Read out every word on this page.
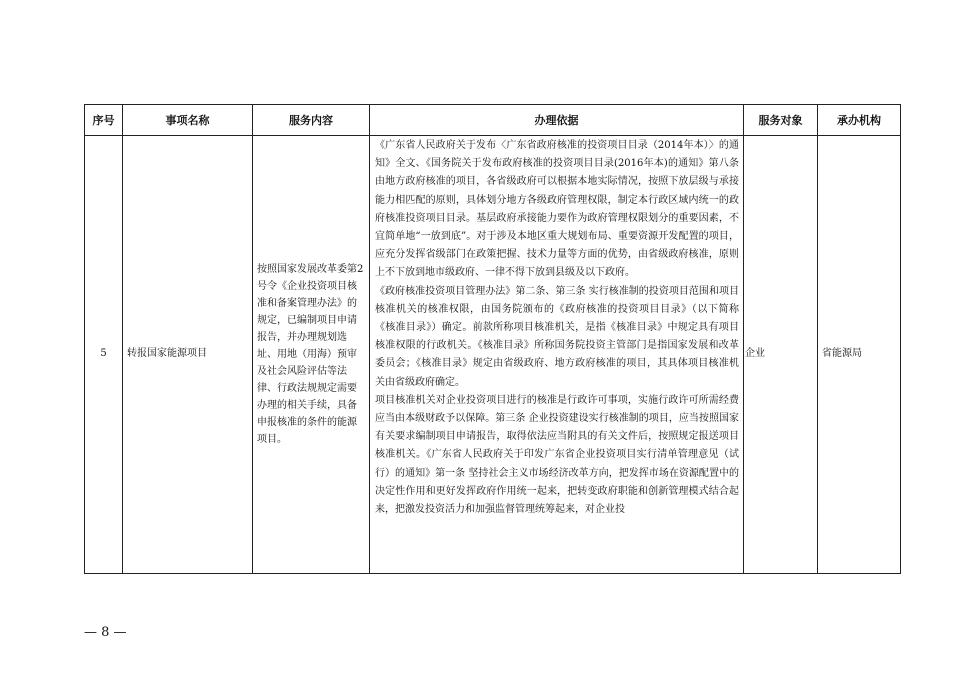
序号	事项名称	服务内容	办理依据	服务对象	承办机构
5	转报国家能源项目	按照国家发展改革委第2号令《企业投资项目核准和备案管理办法》的规定，已编制项目申请报告，并办理规划选址、用地（用海）预审及社会风险评估等法律、行政法规规定需要办理的相关手续，具备申报核准的条件的能源项目。	《广东省人民政府关于发布〈广东省政府核准的投资项目目录（2014年本）〉的通知》全文、《国务院关于发布政府核准的投资项目目录(2016年本)的通知》第八条 由地方政府核准的项目，各省级政府可以根据本地实际情况，按照下放层级与承接能力相匹配的原则，具体划分地方各级政府管理权限，制定本行政区域内统一的政府核准投资项目目录。基层政府承接能力要作为政府管理权限划分的重要因素，不宜简单地“一放到底”。对于涉及本地区重大规划布局、重要资源开发配置的项目，应充分发挥省级部门在政策把握、技术力量等方面的优势，由省级政府核准，原则上不下放到地市级政府、一律不得下放到县级及以下政府。

《政府核准投资项目管理办法》第二条、第三条 实行核准制的投资项目范围和项目核准机关的核准权限，由国务院颁布的《政府核准的投资项目目录》（以下简称《核准目录》）确定。前款所称项目核准机关，是指《核准目录》中规定具有项目核准权限的行政机关。《核准目录》所称国务院投资主管部门是指国家发展和改革委员会；《核准目录》规定由省级政府、地方政府核准的项目，其具体项目核准机关由省级政府确定。

项目核准机关对企业投资项目进行的核准是行政许可事项，实施行政许可所需经费应当由本级财政予以保障。第三条 企业投资建设实行核准制的项目，应当按照国家有关要求编制项目申请报告，取得依法应当附具的有关文件后，按照规定报送项目核准机关。《广东省人民政府关于印发广东省企业投资项目实行清单管理意见（试行）的通知》第一条 坚持社会主义市场经济改革方向，把发挥市场在资源配置中的决定性作用和更好发挥政府作用统一起来，把转变政府职能和创新管理模式结合起来，把激发投资活力和加强监督管理统筹起来，对企业投	企业	省能源局
— 8 —
